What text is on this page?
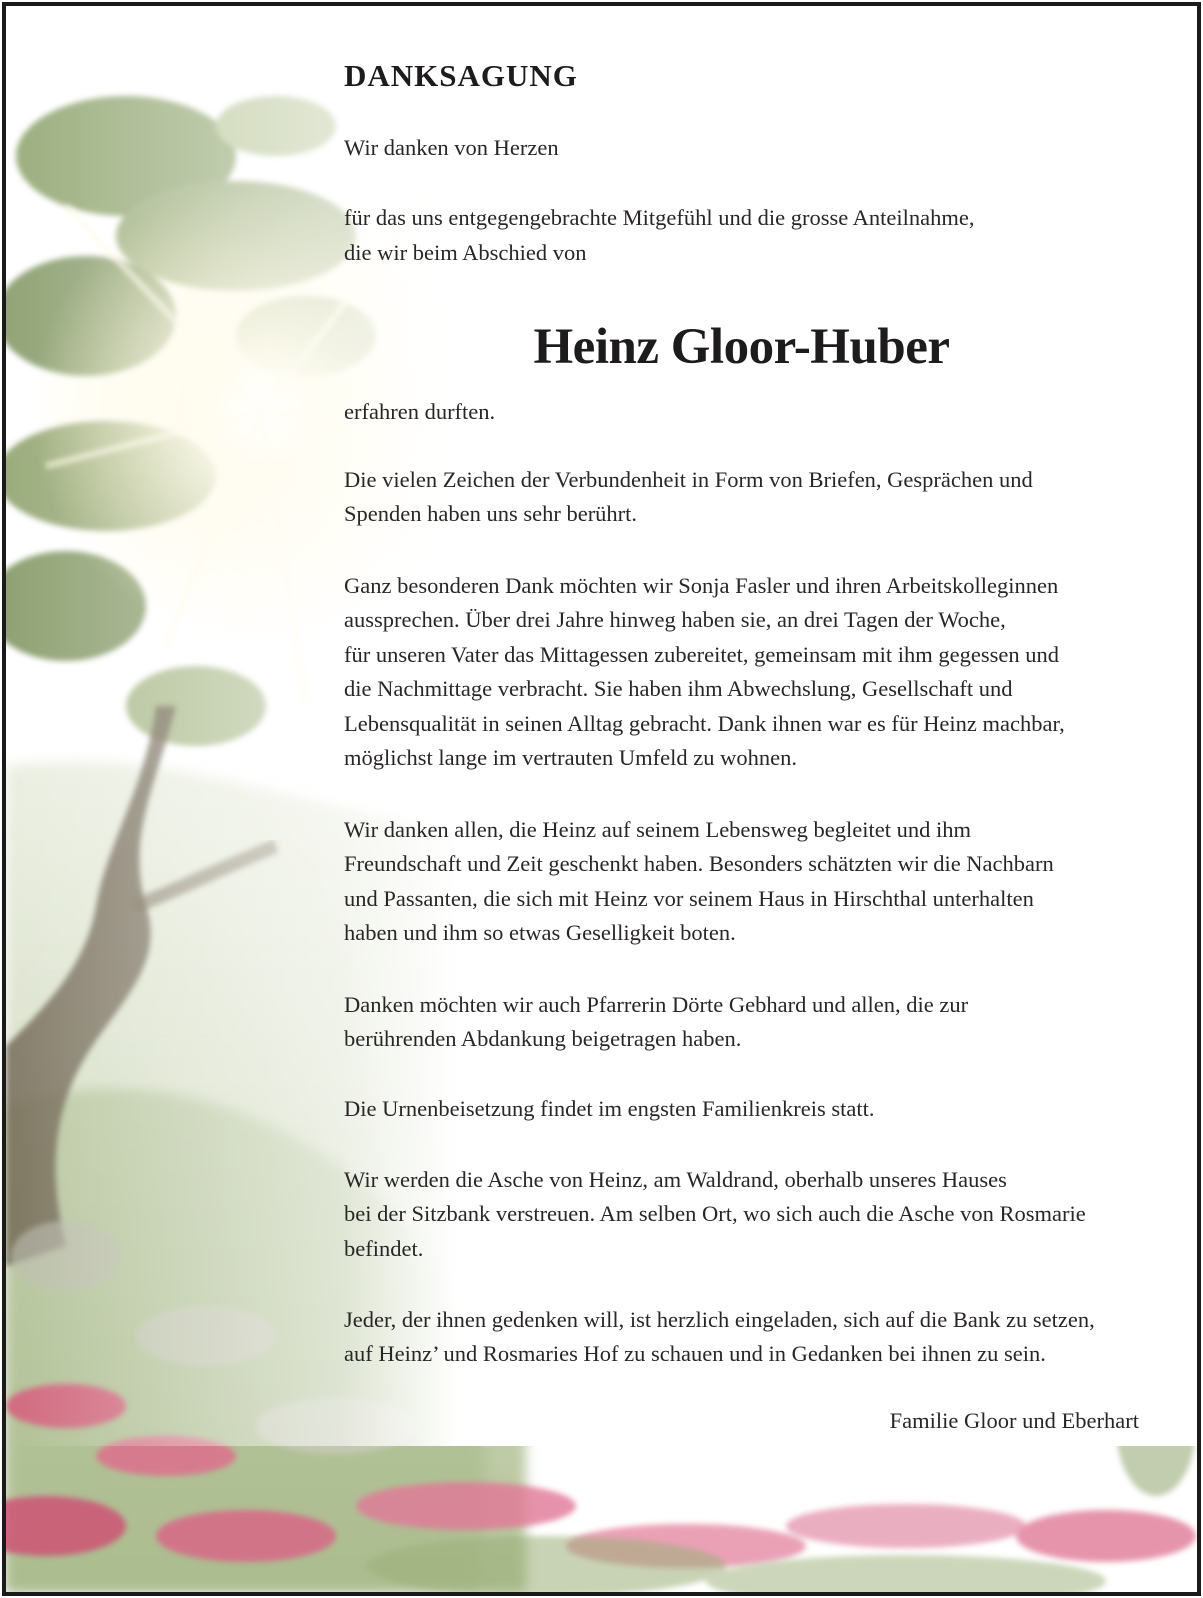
DANKSAGUNG

Wir danken von Herzen

für das uns entgegengebrachte Mitgefühl und die grosse Anteilnahme,

die wir beim Abschied von

Heinz Gloor-Huber

erfahren durften.

Die vielen Zeichen der Verbundenheit in Form von Briefen, Gesprächen und

Spenden haben uns sehr berührt.

Ganz besonderen Dank möchten wir Sonja Fasler und ihren Arbeitskolleginnen

aussprechen. Über drei Jahre hinweg haben sie, an drei Tagen der Woche,

für unseren Vater das Mittagessen zubereitet, gemeinsam mit ihm gegessen und

die Nachmittage verbracht. Sie haben ihm Abwechslung, Gesellschaft und

Lebensqualität in seinen Alltag gebracht. Dank ihnen war es für Heinz machbar,

möglichst lange im vertrauten Umfeld zu wohnen.

Wir danken allen, die Heinz auf seinem Lebensweg begleitet und ihm

Freundschaft und Zeit geschenkt haben. Besonders schätzten wir die Nachbarn

und Passanten, die sich mit Heinz vor seinem Haus in Hirschthal unterhalten

haben und ihm so etwas Geselligkeit boten.

Danken möchten wir auch Pfarrerin Dörte Gebhard und allen, die zur

berührenden Abdankung beigetragen haben.

Die Urnenbeisetzung findet im engsten Familienkreis statt.

Wir werden die Asche von Heinz, am Waldrand, oberhalb unseres Hauses

bei der Sitzbank verstreuen. Am selben Ort, wo sich auch die Asche von Rosmarie

befindet.

Jeder, der ihnen gedenken will, ist herzlich eingeladen, sich auf die Bank zu setzen,

auf Heinz’ und Rosmaries Hof zu schauen und in Gedanken bei ihnen zu sein.

Familie Gloor und Eberhart
